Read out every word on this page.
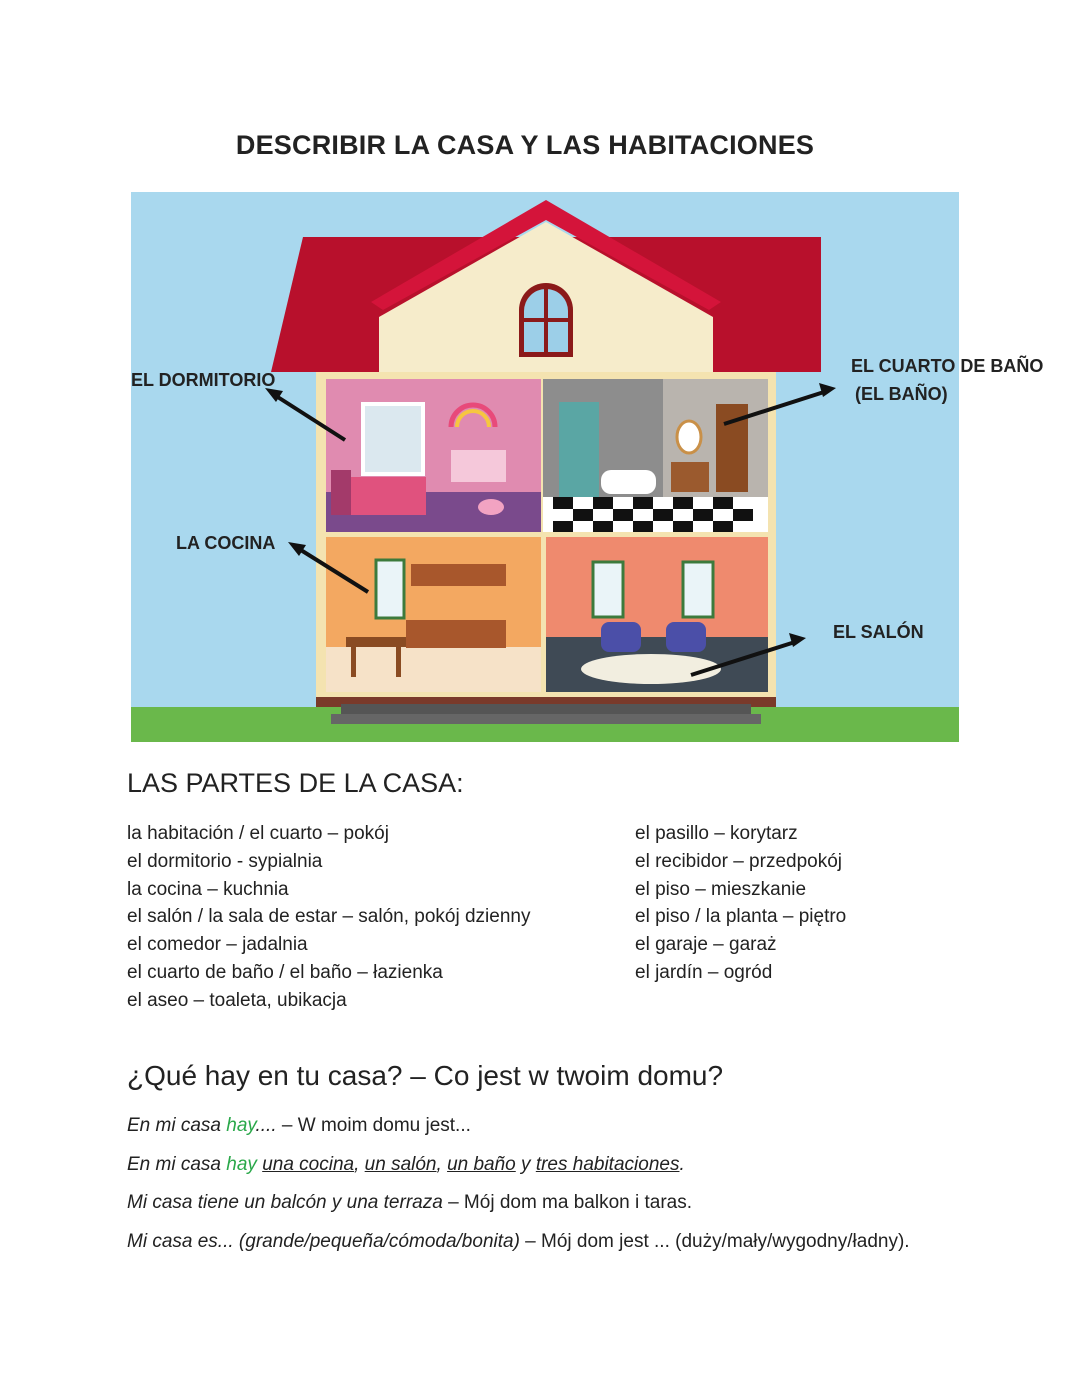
DESCRIBIR LA CASA Y LAS HABITACIONES
EL DORMITORIO
EL CUARTO DE BAÑO
(EL BAÑO)
LA COCINA
EL SALÓN
LAS PARTES DE LA CASA:
la habitación / el cuarto – pokój
el dormitorio - sypialnia
la cocina – kuchnia
el salón / la sala de estar – salón, pokój dzienny
el comedor – jadalnia
el cuarto de baño / el baño – łazienka
el aseo – toaleta, ubikacja
el pasillo – korytarz
el recibidor – przedpokój
el piso – mieszkanie
el piso / la planta – piętro
el garaje – garaż
el jardín – ogród
¿Qué hay en tu casa? – Co jest w twoim domu?
En mi casa hay.... – W moim domu jest...
En mi casa hay una cocina, un salón, un baño y tres habitaciones.
Mi casa tiene un balcón y una terraza – Mój dom ma balkon i taras.
Mi casa es... (grande/pequeña/cómoda/bonita) – Mój dom jest ... (duży/mały/wygodny/ładny).
